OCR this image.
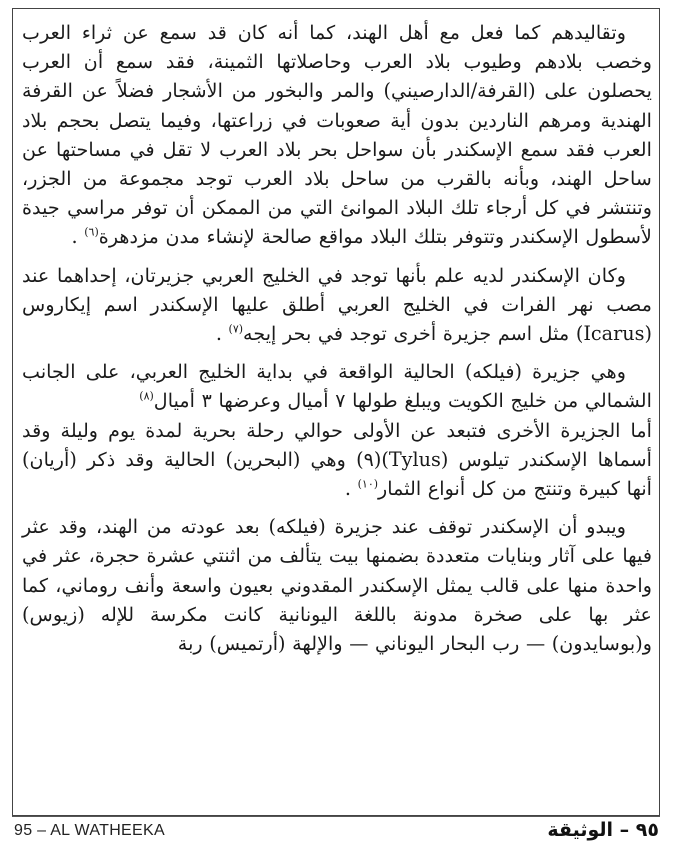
وتقاليدهم كما فعل مع أهل الهند، كما أنه كان قد سمع عن ثراء العرب وخصب بلادهم وطيوب بلاد العرب وحاصلاتها الثمينة، فقد سمع أن العرب يحصلون على (القرفة/الدارصيني) والمر والبخور من الأشجار فضلاً عن القرفة الهندية ومرهم الناردين بدون أية صعوبات في زراعتها، وفيما يتصل بحجم بلاد العرب فقد سمع الإسكندر بأن سواحل بحر بلاد العرب لا تقل في مساحتها عن ساحل الهند، وبأنه بالقرب من ساحل بلاد العرب توجد مجموعة من الجزر، وتنتشر في كل أرجاء تلك البلاد الموانئ التي من الممكن أن توفر مراسي جيدة لأسطول الإسكندر وتتوفر بتلك البلاد مواقع صالحة لإنشاء مدن مزدهرة$^{(٦)}$ .

وكان الإسكندر لديه علم بأنها توجد في الخليج العربي جزيرتان، إحداهما عند مصب نهر الفرات في الخليج العربي أطلق عليها الإسكندر اسم إيكاروس (Icarus) مثل اسم جزيرة أخرى توجد في بحر إيجه$^{(٧)}$ .

وهي جزيرة (فيلكه) الحالية الواقعة في بداية الخليج العربي، على الجانب الشمالي من خليج الكويت ويبلغ طولها ٧ أميال وعرضها ٣ أميال$^{(٨)}$

أما الجزيرة الأخرى فتبعد عن الأولى حوالي رحلة بحرية لمدة يوم وليلة وقد أسماها الإسكندر تيلوس (Tylus)(٩) وهي (البحرين) الحالية وقد ذكر (أريان) أنها كبيرة وتنتج من كل أنواع الثمار$^{(١٠)}$ .

ويبدو أن الإسكندر توقف عند جزيرة (فيلكه) بعد عودته من الهند، وقد عثر فيها على آثار وبنايات متعددة بضمنها بيت يتألف من اثنتي عشرة حجرة، عثر في واحدة منها على قالب يمثل الإسكندر المقدوني بعيون واسعة وأنف روماني، كما عثر بها على صخرة مدونة باللغة اليونانية كانت مكرسة للإله (زيوس) و(بوسايدون) — رب البحار اليوناني — والإلهة (أرتميس) ربة

95 – AL WATHEEKA	٩٥ – الوثيقة
